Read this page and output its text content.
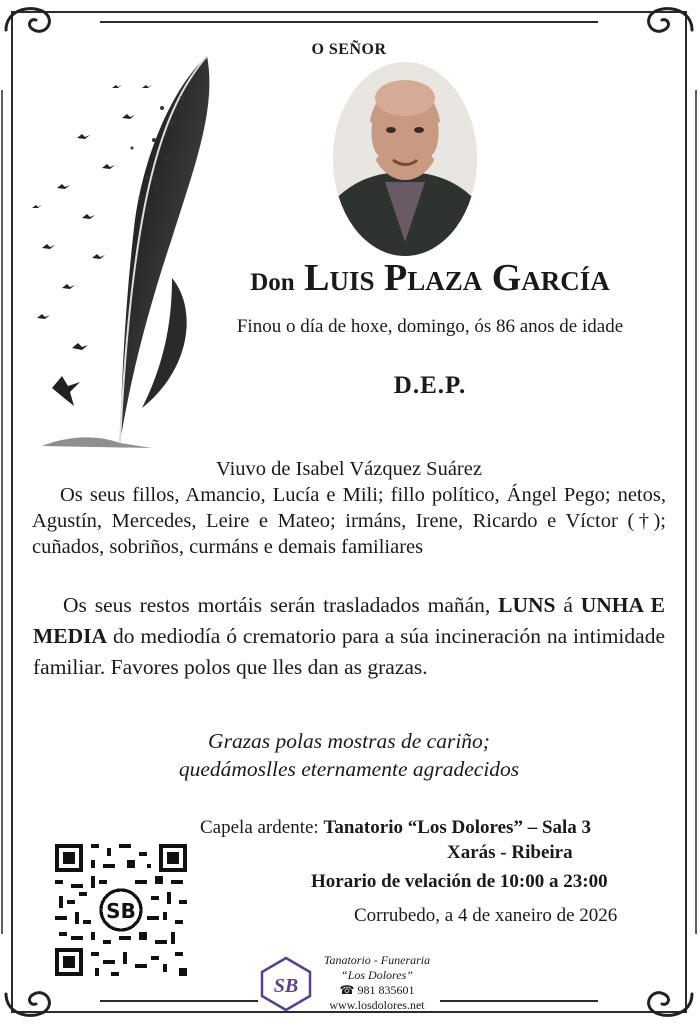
O SEÑOR
Don Luis Plaza García
Finou o día de hoxe, domingo, ós 86 anos de idade
D.E.P.

Viuvo de Isabel Vázquez Suárez

Os seus fillos, Amancio, Lucía e Mili; fillo político, Ángel Pego; netos, Agustín, Mercedes, Leire e Mateo; irmáns, Irene, Ricardo e Víctor (†); cuñados, sobriños, curmáns e demais familiares

Os seus restos mortáis serán trasladados mañán, LUNS á UNHA E MEDIA do mediodía ó crematorio para a súa incineración na intimidade familiar. Favores polos que lles dan as grazas.

Grazas polas mostras de cariño;

quedámoslles eternamente agradecidos

Capela ardente: Tanatorio “Los Dolores” – Sala 3
Xarás - Ribeira
Horario de velación de 10:00 a 23:00
Corrubedo, a 4 de xaneiro de 2026
SB
SB
Tanatorio - Funeraria
“Los Dolores”
☎ 981 835601
www.losdolores.net
